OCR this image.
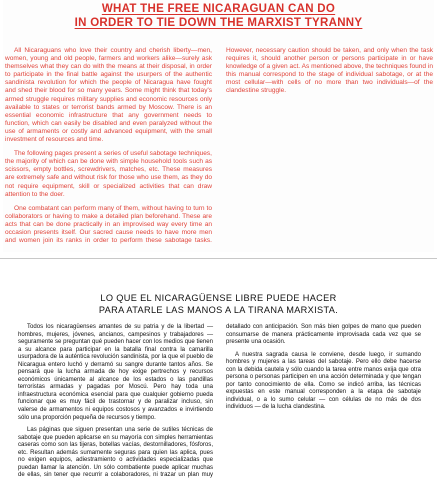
WHAT THE FREE NICARAGUAN CAN DO
IN ORDER TO TIE DOWN THE MARXIST TYRANNY

All Nicaraguans who love their country and cherish liberty—men, women, young and old people, farmers and workers alike—surely ask themselves what they can do with the means at their disposal, in order to participate in the final battle against the usurpers of the authentic sandinista revolution for which the people of Nicaragua have fought and shed their blood for so many years. Some might think that today's armed struggle requires military supplies and economic resources only available to states or terrorist bands armed by Moscow. There is an essential economic infrastructure that any government needs to function, which can easily be disabled and even paralyzed without the use of armaments or costly and advanced equipment, with the small investment of resources and time.

The following pages present a series of useful sabotage techniques, the majority of which can be done with simple household tools such as scissors, empty bottles, screwdrivers, matches, etc. These measures are extremely safe and without risk for those who use them, as they do not require equipment, skill or specialized activities that can draw attention to the doer.

One combatant can perform many of them, without having to turn to collaborators or having to make a detailed plan beforehand. These are acts that can be done practically in an improvised way every time an occasion presents itself. Our sacred cause needs to have more men and women join its ranks in order to perform these sabotage tasks. However, necessary caution should be taken, and only when the task requires it, should another person or persons participate in or have knowledge of a given act. As mentioned above, the techniques found in this manual correspond to the stage of individual sabotage, or at the most cellular—with cells of no more than two individuals—of the clandestine struggle.

LO QUE EL NICARAGÜENSE LIBRE PUEDE HACER
PARA ATARLE LAS MANOS A LA TIRANA MARXISTA.

Todos los nicaragüenses amantes de su patria y de la libertad — hombres, mujeres, jóvenes, ancianos, campesinos y trabajadores — seguramente se preguntan qué pueden hacer con los medios que tienen a su alcance para participar en la batalla final contra la camarilla usurpadora de la auténtica revolución sandinista, por la que el pueblo de Nicaragua entero luchó y derramó su sangre durante tantos años. Se pensará que la lucha armada de hoy exige pertrechos y recursos económicos únicamente al alcance de los estados o las pandillas terroristas armadas y pagadas por Moscú. Pero hay toda una infraestructura económica esencial para que cualquier gobierno pueda funcionar que es muy fácil de trastornar y de paralizar incluso, sin valerse de armamentos ni equipos costosos y avanzados e invirtiendo sólo una proporción pequeña de recursos y tiempo.

Las páginas que siguen presentan una serie de sutiles técnicas de sabotaje que pueden aplicarse en su mayoría con simples herramientas caseras como son las tijeras, botellas vacías, destornilladores, fósforos, etc. Resultan además sumamente seguras para quien las aplica, pues no exigen equipos, adiestramiento o actividades especializadas que puedan llamar la atención. Un sólo combatiente puede aplicar muchas de ellas, sin tener que recurrir a colaboradores, ni trazar un plan muy detallado con anticipación. Son más bien golpes de mano que pueden consumarse de manera prácticamente improvisada cada vez que se presente una ocasión.

A nuestra sagrada causa le conviene, desde luego, ir sumando hombres y mujeres a las tareas del sabotaje. Pero ello debe hacerse con la debida cautela y sólo cuando la tarea entre manos exija que otra persona o personas participen en una acción determinada y que tengan por tanto conocimiento de ella. Como se indicó arriba, las técnicas expuestas en este manual corresponden a la etapa de sabotaje individual, o a lo sumo celular — con células de no más de dos individuos — de la lucha clandestina.
